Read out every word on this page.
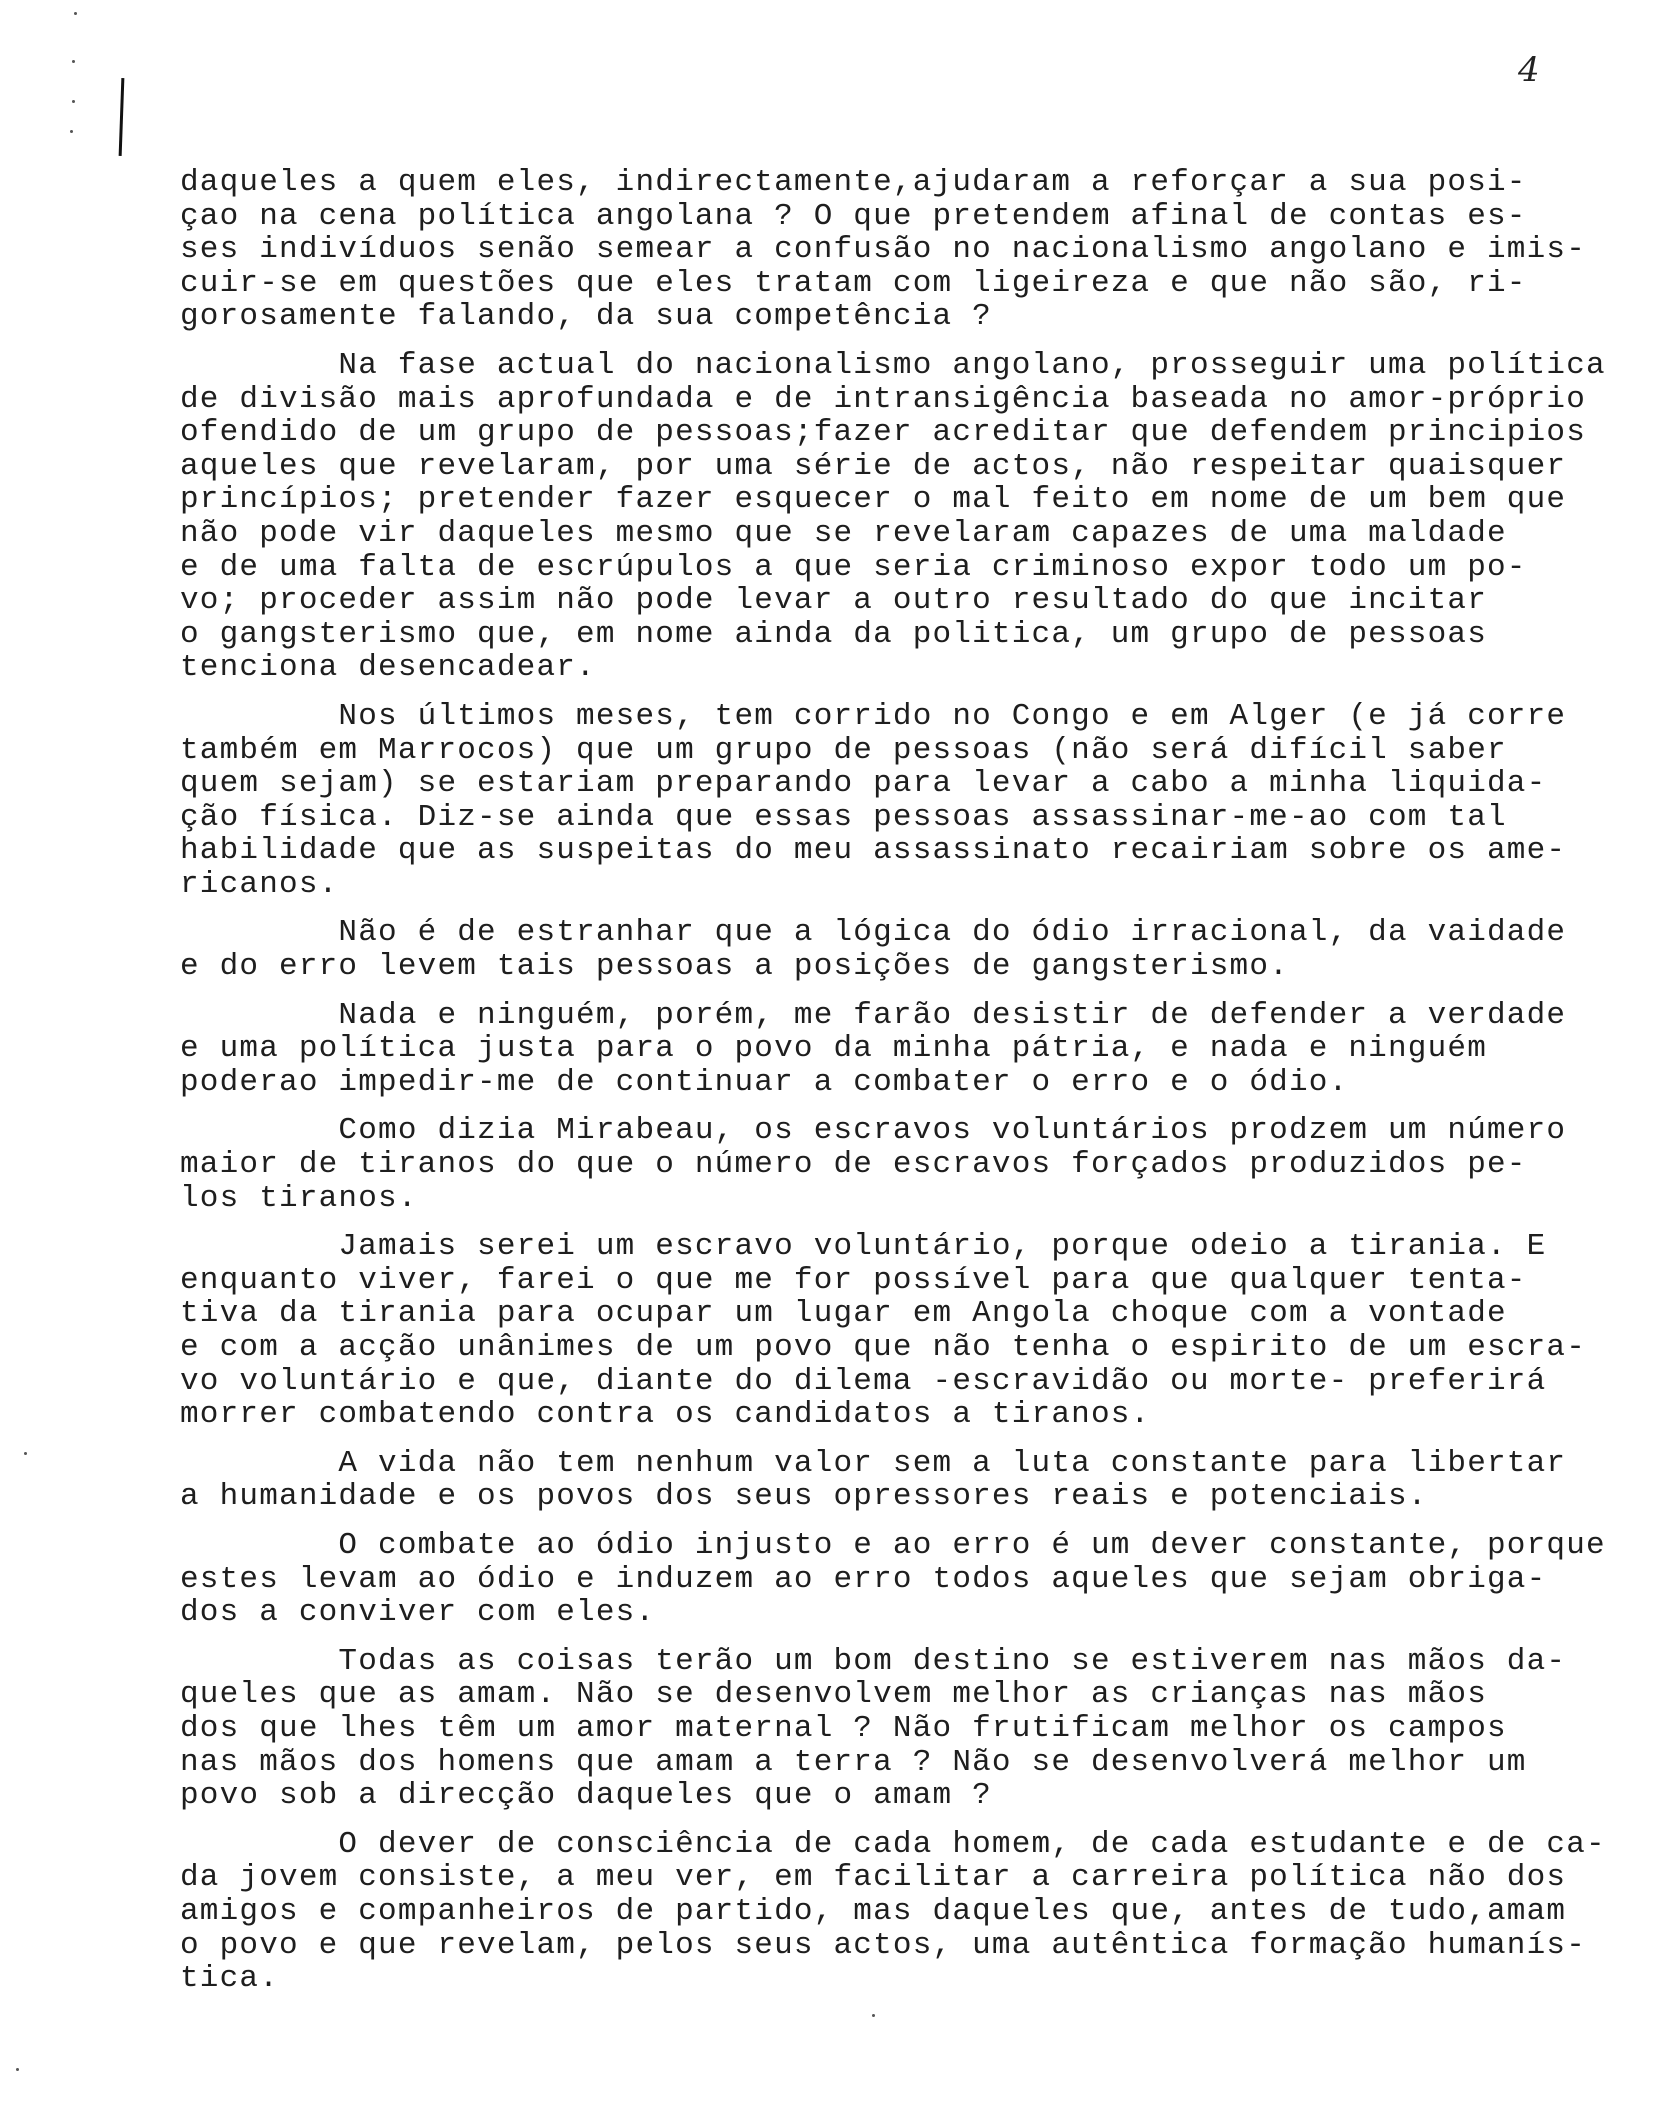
4
daqueles a quem eles, indirectamente,ajudaram a reforçar a sua posi-
çao na cena política angolana ? O que pretendem afinal de contas es-
ses indivíduos senão semear a confusão no nacionalismo angolano e imis-
cuir-se em questões que eles tratam com ligeireza e que não são, ri-
gorosamente falando, da sua competência ?
Na fase actual do nacionalismo angolano, prosseguir uma política
de divisão mais aprofundada e de intransigência baseada no amor-próprio
ofendido de um grupo de pessoas;fazer acreditar que defendem principios
aqueles que revelaram, por uma série de actos, não respeitar quaisquer
princípios; pretender fazer esquecer o mal feito em nome de um bem que
não pode vir daqueles mesmo que se revelaram capazes de uma maldade
e de uma falta de escrúpulos a que seria criminoso expor todo um po-
vo; proceder assim não pode levar a outro resultado do que incitar
o gangsterismo que, em nome ainda da politica, um grupo de pessoas
tenciona desencadear.
Nos últimos meses, tem corrido no Congo e em Alger (e já corre
também em Marrocos) que um grupo de pessoas (não será difícil saber
quem sejam) se estariam preparando para levar a cabo a minha liquida-
ção física. Diz-se ainda que essas pessoas assassinar-me-ao com tal
habilidade que as suspeitas do meu assassinato recairiam sobre os ame-
ricanos.
Não é de estranhar que a lógica do ódio irracional, da vaidade
e do erro levem tais pessoas a posições de gangsterismo.
Nada e ninguém, porém, me farão desistir de defender a verdade
e uma política justa para o povo da minha pátria, e nada e ninguém
poderao impedir-me de continuar a combater o erro e o ódio.
Como dizia Mirabeau, os escravos voluntários prodzem um número
maior de tiranos do que o número de escravos forçados produzidos pe-
los tiranos.
Jamais serei um escravo voluntário, porque odeio a tirania. E
enquanto viver, farei o que me for possível para que qualquer tenta-
tiva da tirania para ocupar um lugar em Angola choque com a vontade
e com a acção unânimes de um povo que não tenha o espirito de um escra-
vo voluntário e que, diante do dilema -escravidão ou morte- preferirá
morrer combatendo contra os candidatos a tiranos.
A vida não tem nenhum valor sem a luta constante para libertar
a humanidade e os povos dos seus opressores reais e potenciais.
O combate ao ódio injusto e ao erro é um dever constante, porque
estes levam ao ódio e induzem ao erro todos aqueles que sejam obriga-
dos a conviver com eles.
Todas as coisas terão um bom destino se estiverem nas mãos da-
queles que as amam. Não se desenvolvem melhor as crianças nas mãos
dos que lhes têm um amor maternal ? Não frutificam melhor os campos
nas mãos dos homens que amam a terra ? Não se desenvolverá melhor um
povo sob a direcção daqueles que o amam ?
O dever de consciência de cada homem, de cada estudante e de ca-
da jovem consiste, a meu ver, em facilitar a carreira política não dos
amigos e companheiros de partido, mas daqueles que, antes de tudo,amam
o povo e que revelam, pelos seus actos, uma autêntica formação humanís-
tica.
